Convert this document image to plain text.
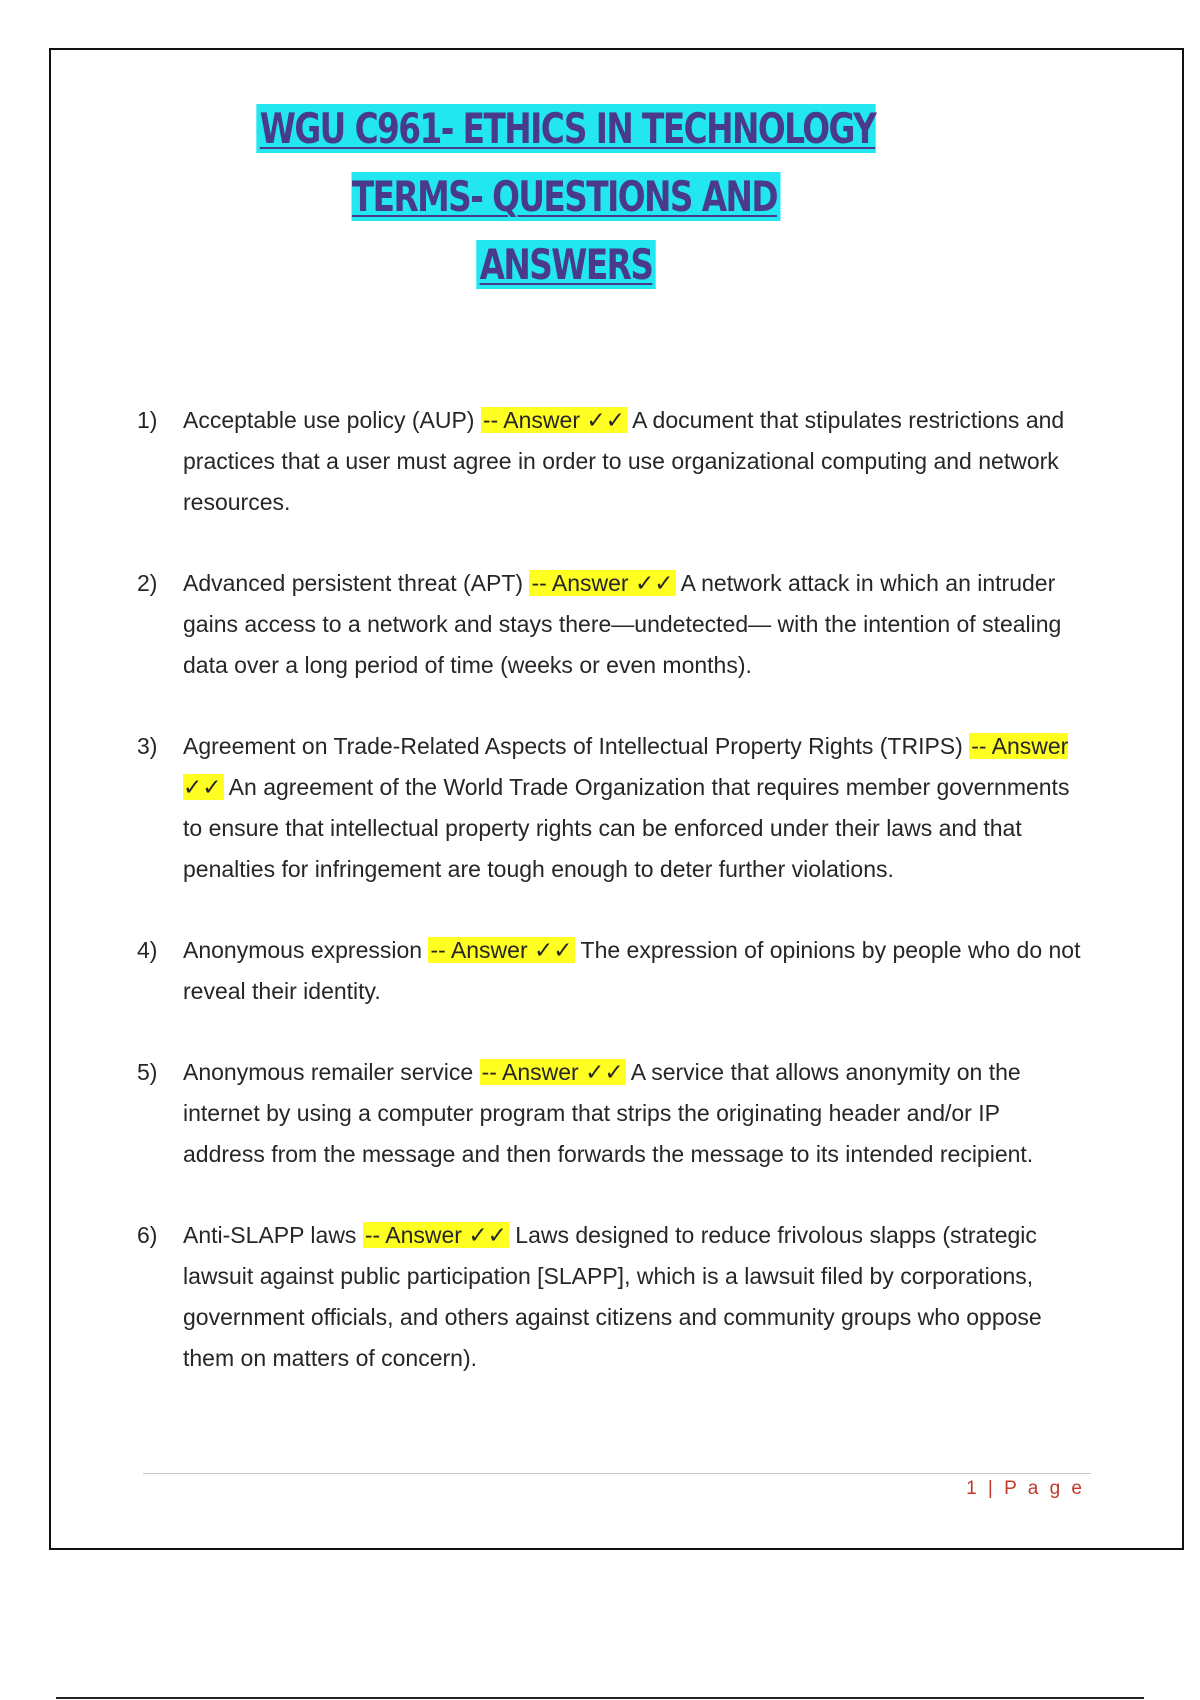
WGU C961- ETHICS IN TECHNOLOGY TERMS- QUESTIONS AND
ANSWERS
1) Acceptable use policy (AUP) -- Answer ✓✓ A document that stipulates restrictions and practices that a user must agree in order to use organizational computing and network resources.
2) Advanced persistent threat (APT) -- Answer ✓✓ A network attack in which an intruder gains access to a network and stays there—undetected— with the intention of stealing data over a long period of time (weeks or even months).
3) Agreement on Trade-Related Aspects of Intellectual Property Rights (TRIPS) -- Answer ✓✓ An agreement of the World Trade Organization that requires member governments to ensure that intellectual property rights can be enforced under their laws and that penalties for infringement are tough enough to deter further violations.
4) Anonymous expression -- Answer ✓✓ The expression of opinions by people who do not reveal their identity.
5) Anonymous remailer service -- Answer ✓✓ A service that allows anonymity on the internet by using a computer program that strips the originating header and/or IP address from the message and then forwards the message to its intended recipient.
6) Anti-SLAPP laws -- Answer ✓✓ Laws designed to reduce frivolous slapps (strategic lawsuit against public participation [SLAPP], which is a lawsuit filed by corporations, government officials, and others against citizens and community groups who oppose them on matters of concern).
1 | P a g e
